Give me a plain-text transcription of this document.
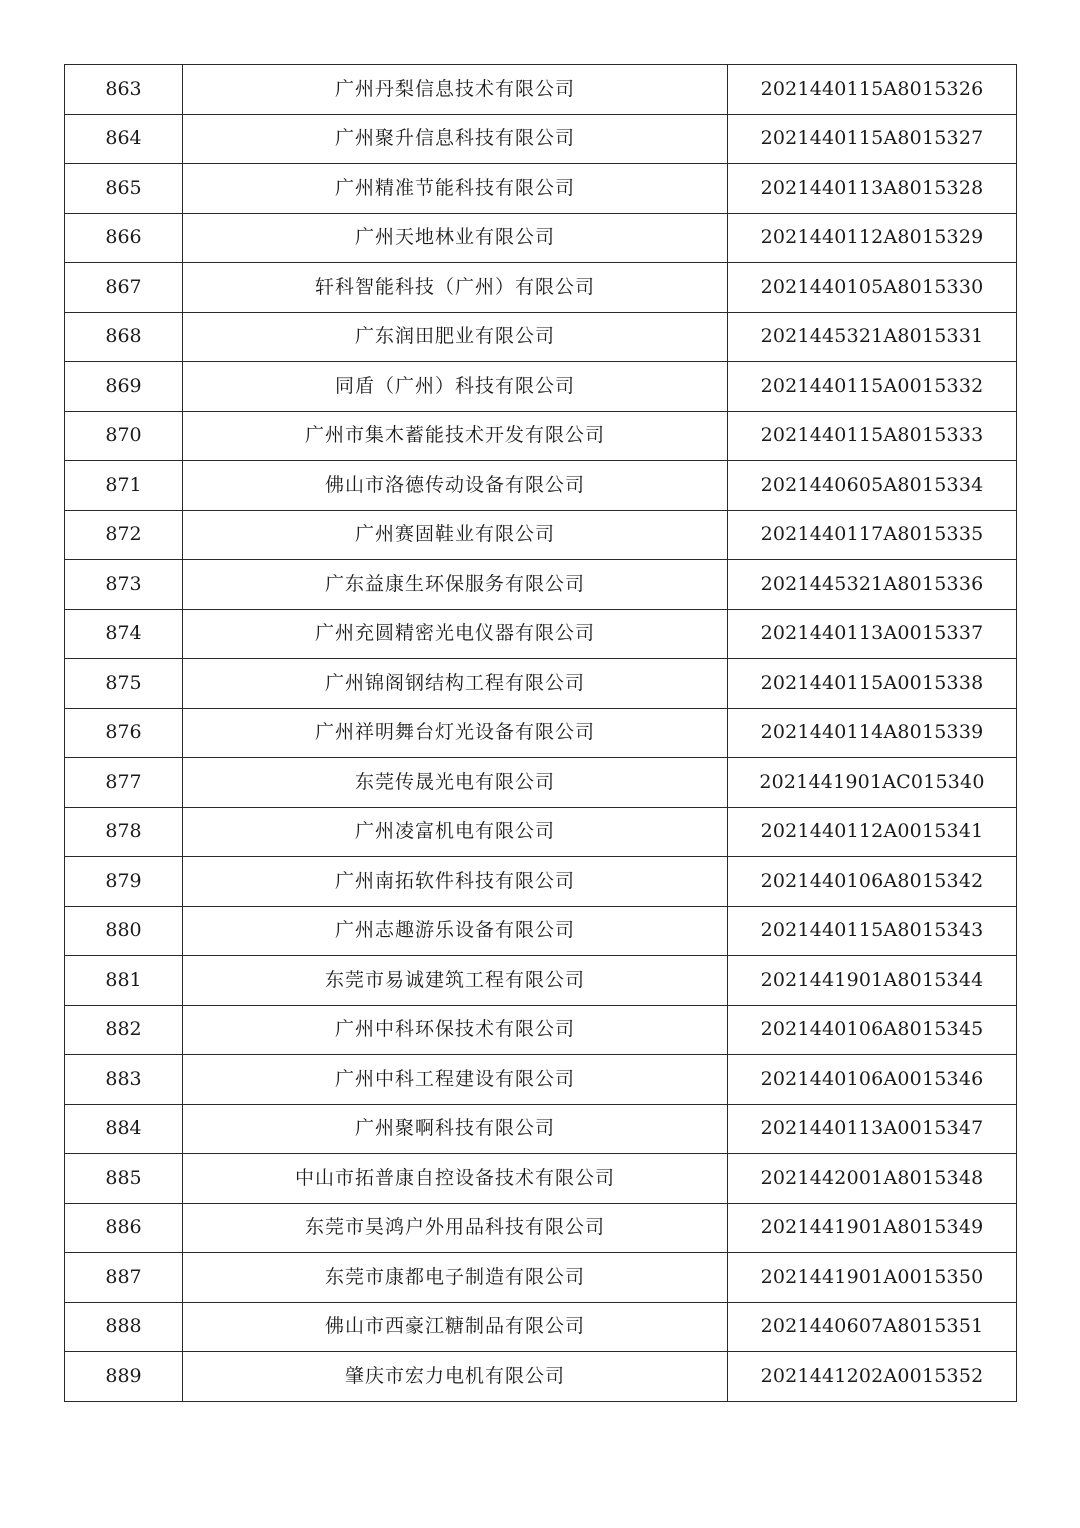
863	广州丹梨信息技术有限公司	2021440115A8015326
864	广州聚升信息科技有限公司	2021440115A8015327
865	广州精准节能科技有限公司	2021440113A8015328
866	广州天地林业有限公司	2021440112A8015329
867	轩科智能科技（广州）有限公司	2021440105A8015330
868	广东润田肥业有限公司	2021445321A8015331
869	同盾（广州）科技有限公司	2021440115A0015332
870	广州市集木蓄能技术开发有限公司	2021440115A8015333
871	佛山市洛德传动设备有限公司	2021440605A8015334
872	广州赛固鞋业有限公司	2021440117A8015335
873	广东益康生环保服务有限公司	2021445321A8015336
874	广州充圆精密光电仪器有限公司	2021440113A0015337
875	广州锦阁钢结构工程有限公司	2021440115A0015338
876	广州祥明舞台灯光设备有限公司	2021440114A8015339
877	东莞传晟光电有限公司	2021441901AC015340
878	广州凌富机电有限公司	2021440112A0015341
879	广州南拓软件科技有限公司	2021440106A8015342
880	广州志趣游乐设备有限公司	2021440115A8015343
881	东莞市易诚建筑工程有限公司	2021441901A8015344
882	广州中科环保技术有限公司	2021440106A8015345
883	广州中科工程建设有限公司	2021440106A0015346
884	广州聚啊科技有限公司	2021440113A0015347
885	中山市拓普康自控设备技术有限公司	2021442001A8015348
886	东莞市昊鸿户外用品科技有限公司	2021441901A8015349
887	东莞市康都电子制造有限公司	2021441901A0015350
888	佛山市西豪江糖制品有限公司	2021440607A8015351
889	肇庆市宏力电机有限公司	2021441202A0015352
